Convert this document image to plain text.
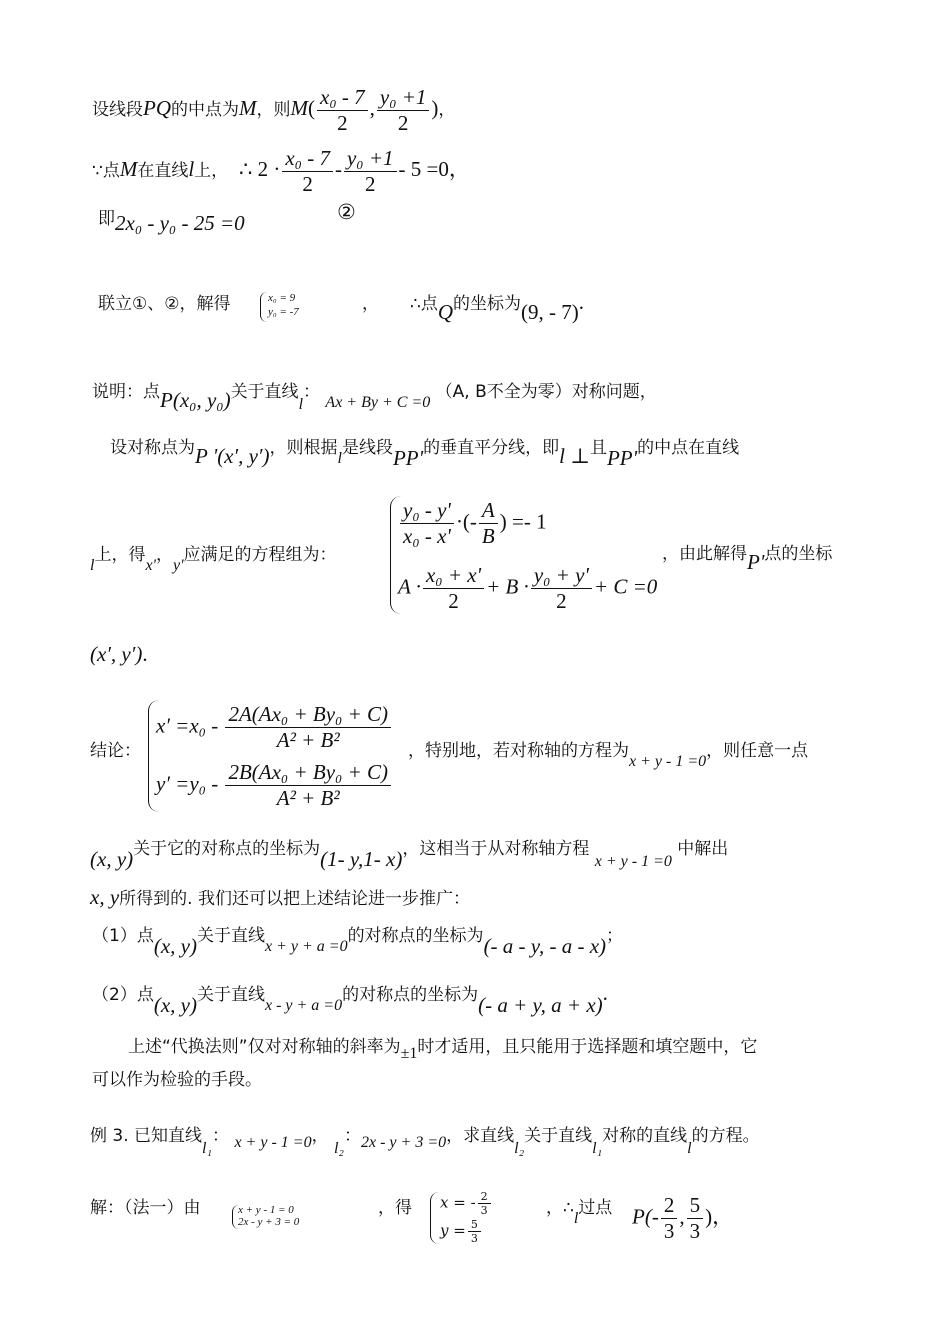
设线段PQ的中点为M，则$M( \frac{\text{x₀ - 7}}{2}$ , $\frac{\text{y₀ +1}}{2}$ )，
∵点M在直线l上， ∴ $2 \cdot \frac{\text{x₀ - 7}}{2} - \frac{\text{y₀ +1}}{2} - 5 =0$，
即2x₀ - y₀ - 25 =0	②
联立①、②，解得	x₀ = 9
y₀ = -7	， ∴点Q的坐标为(9, - 7).
说明：点P(x₀, y₀)关于直线l： Ax + By + C =0 （A, B不全为零）对称问题，
设对称点为P '(x′, y′)，则根据l是线段PP'的垂直平分线，即l ⊥且PP'的中点在直线
l上，得x'，y'应满足的方程组为：
$\frac{\text{y₀ - y'}}{\text{x₀ - x'}}$ ·(- $\frac{A}{B}$ ) =- 1
$A \cdot \frac{\text{x₀ + x'}}{2} + B \cdot \frac{\text{y₀ + y'}}{2} + C =0$
，由此解得P'点的坐标
(x′, y′).
结论：
$x' =x_0 - \frac{\text{2A(Ax₀ + By₀ + C)}}{\text{A² + B²}}$
$y' =y_0 - \frac{\text{2B(Ax₀ + By₀ + C)}}{\text{A² + B²}}$
，特别地，若对称轴的方程为x + y - 1 =0，则任意一点
(x, y)关于它的对称点的坐标为(1- y,1- x)，这相当于从对称轴方程 x + y - 1 =0 中解出
x, y所得到的. 我们还可以把上述结论进一步推广：
（1）点(x, y)关于直线x + y + a =0的对称点的坐标为(- a - y, - a - x)；
（2）点(x, y)关于直线x - y + a =0的对称点的坐标为(- a + y, a + x).
上述“代换法则”仅对对称轴的斜率为±1时才适用，且只能用于选择题和填空题中，它
可以作为检验的手段。
例 3. 已知直线l₁： x + y - 1 =0， l₂：2x - y + 3 =0，求直线l₂关于直线l₁对称的直线l的方程。
解：（法一）由	x + y - 1 = 0
2x - y + 3 = 0
，得 x = - $\frac{2}{3}$
$y = \frac{5}{3}$
，∴l过点 $P(- \frac{2}{3}$ , $\frac{5}{3}$ )，
